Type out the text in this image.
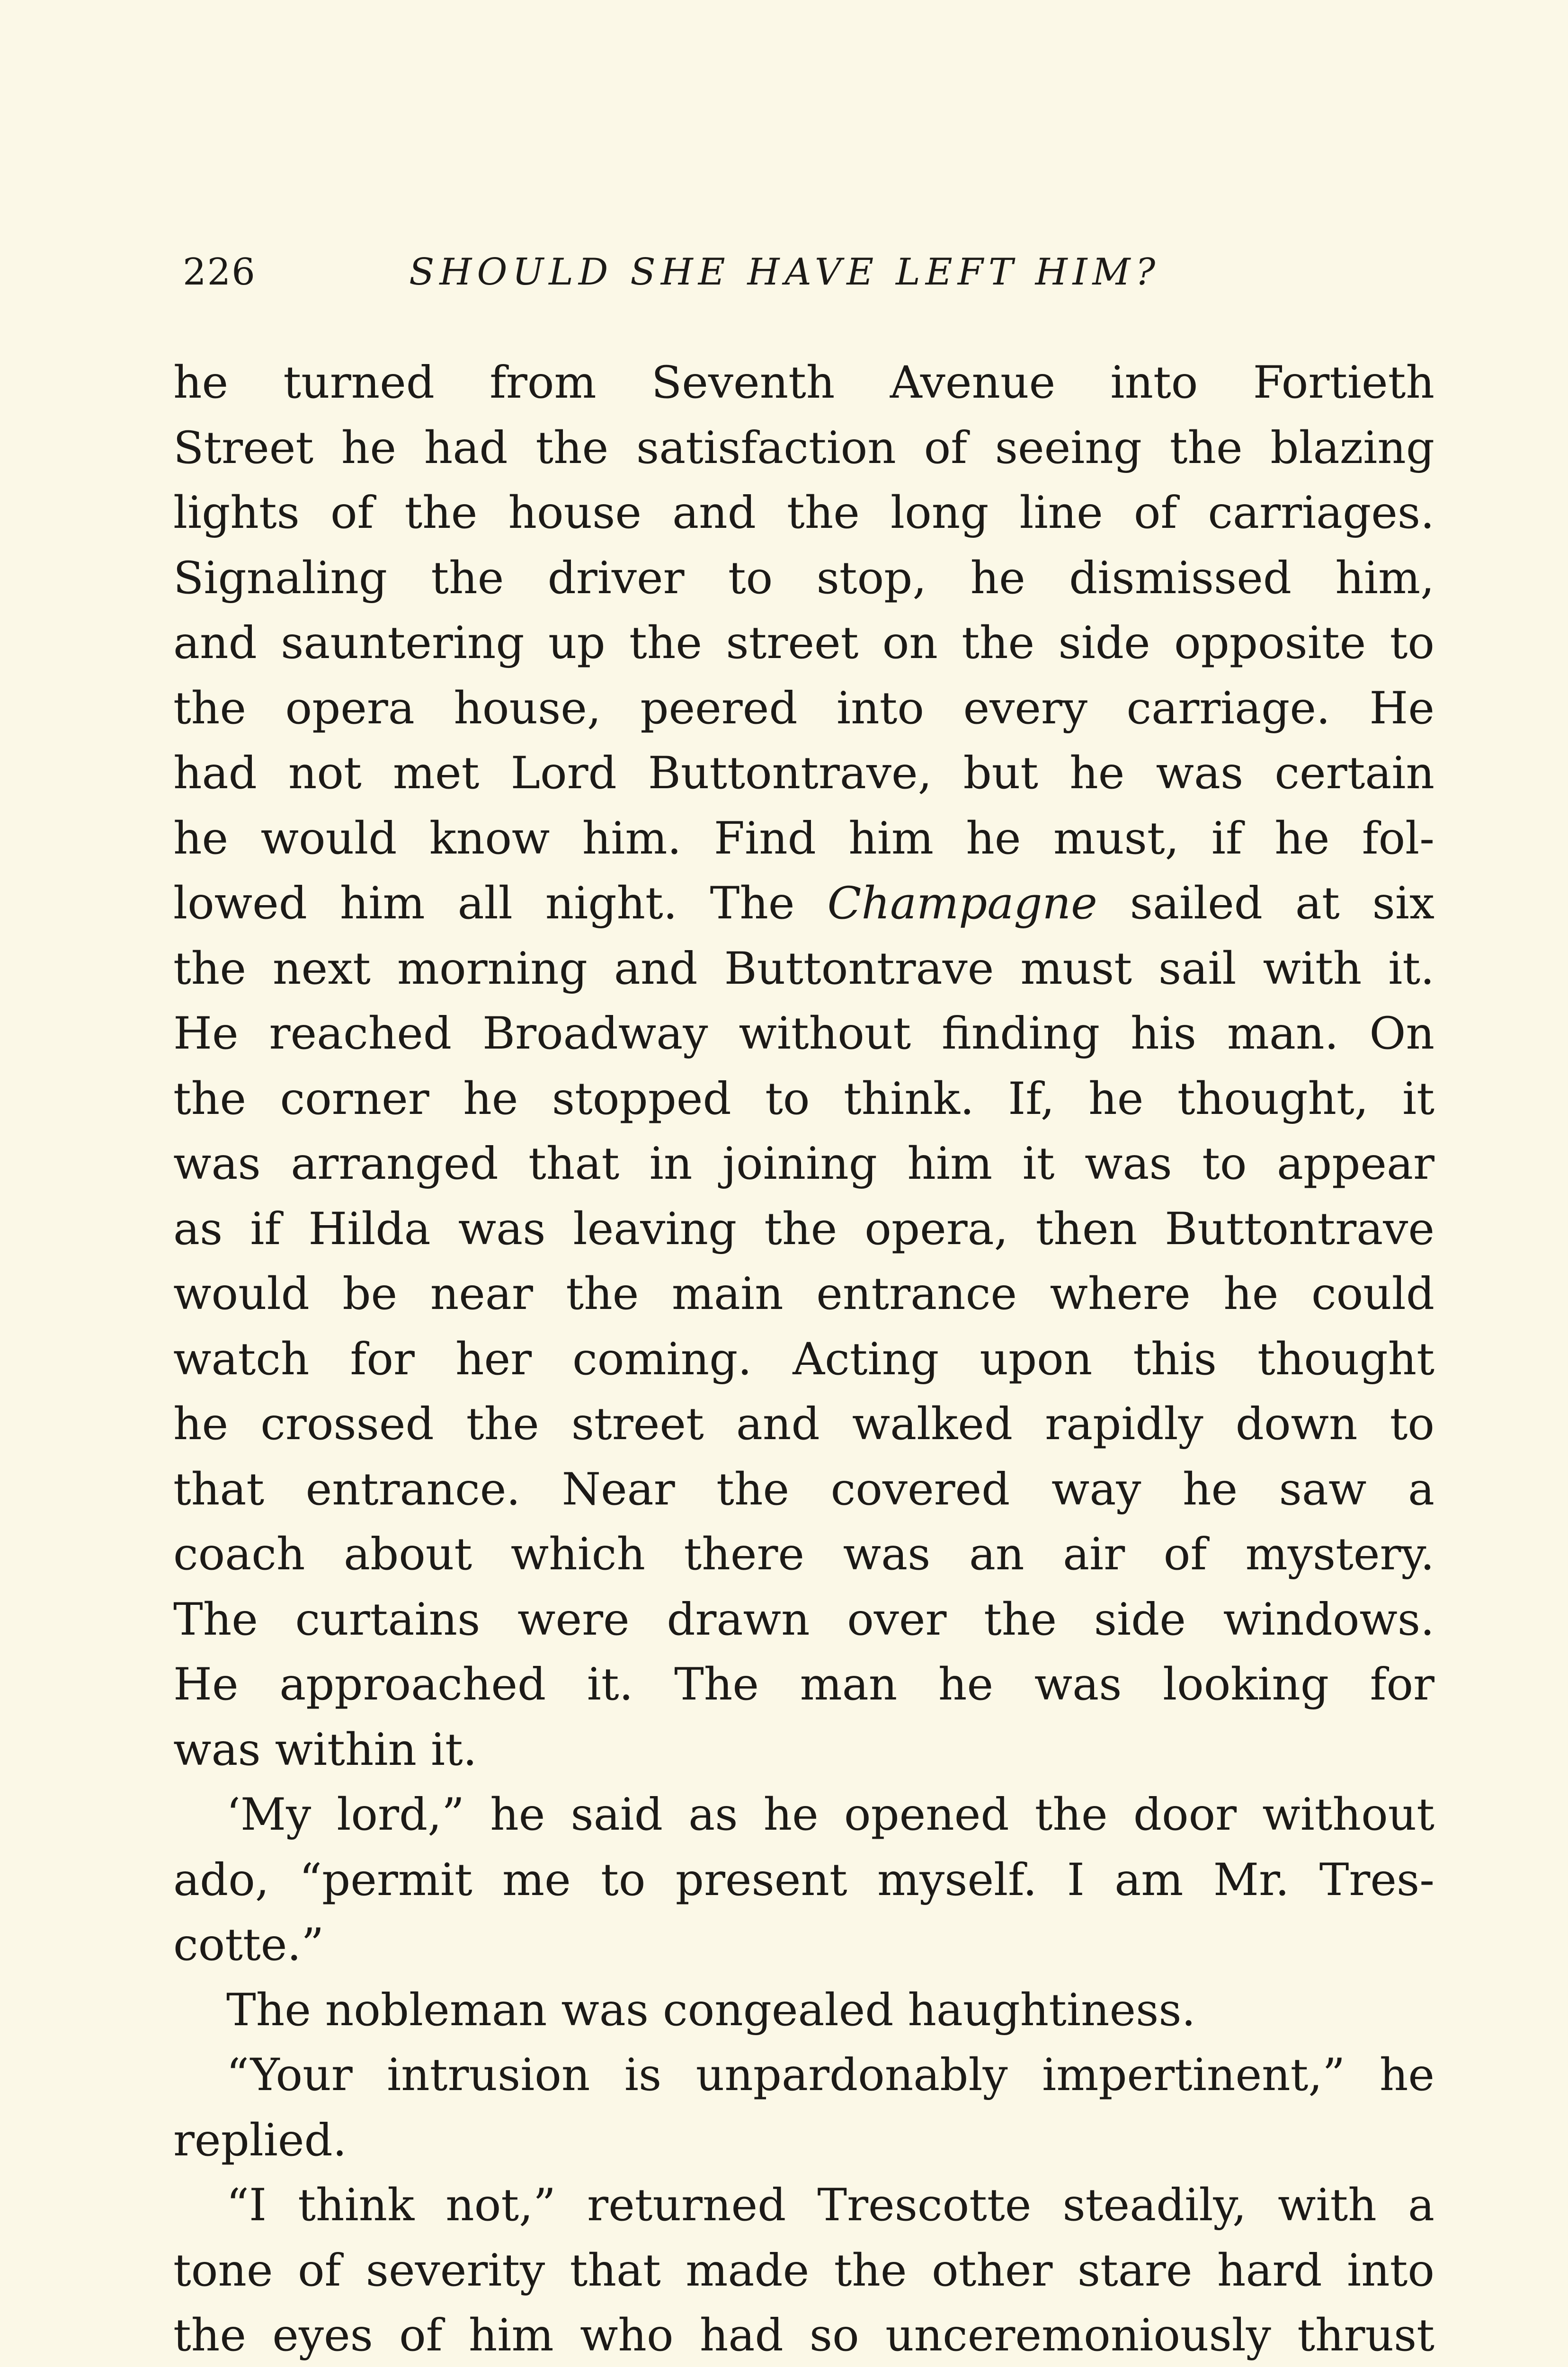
226	SHOULD SHE HAVE LEFT HIM?
he turned from Seventh Avenue into Fortieth
Street he had the satisfaction of seeing the blazing
lights of the house and the long line of carriages.
Signaling the driver to stop, he dismissed him,
and sauntering up the street on the side opposite to
the opera house, peered into every carriage. He
had not met Lord Buttontrave, but he was certain
he would know him. Find him he must, if he fol-
lowed him all night. The Champagne sailed at six
the next morning and Buttontrave must sail with it.
He reached Broadway without finding his man. On
the corner he stopped to think. If, he thought, it
was arranged that in joining him it was to appear
as if Hilda was leaving the opera, then Buttontrave
would be near the main entrance where he could
watch for her coming. Acting upon this thought
he crossed the street and walked rapidly down to
that entrance. Near the covered way he saw a
coach about which there was an air of mystery.
The curtains were drawn over the side windows.
He approached it. The man he was looking for
was within it.
‘My lord,” he said as he opened the door without
ado, “permit me to present myself. I am Mr. Tres-
cotte.”
The nobleman was congealed haughtiness.
“Your intrusion is unpardonably impertinent,” he
replied.
“I think not,” returned Trescotte steadily, with a
tone of severity that made the other stare hard into
the eyes of him who had so unceremoniously thrust
